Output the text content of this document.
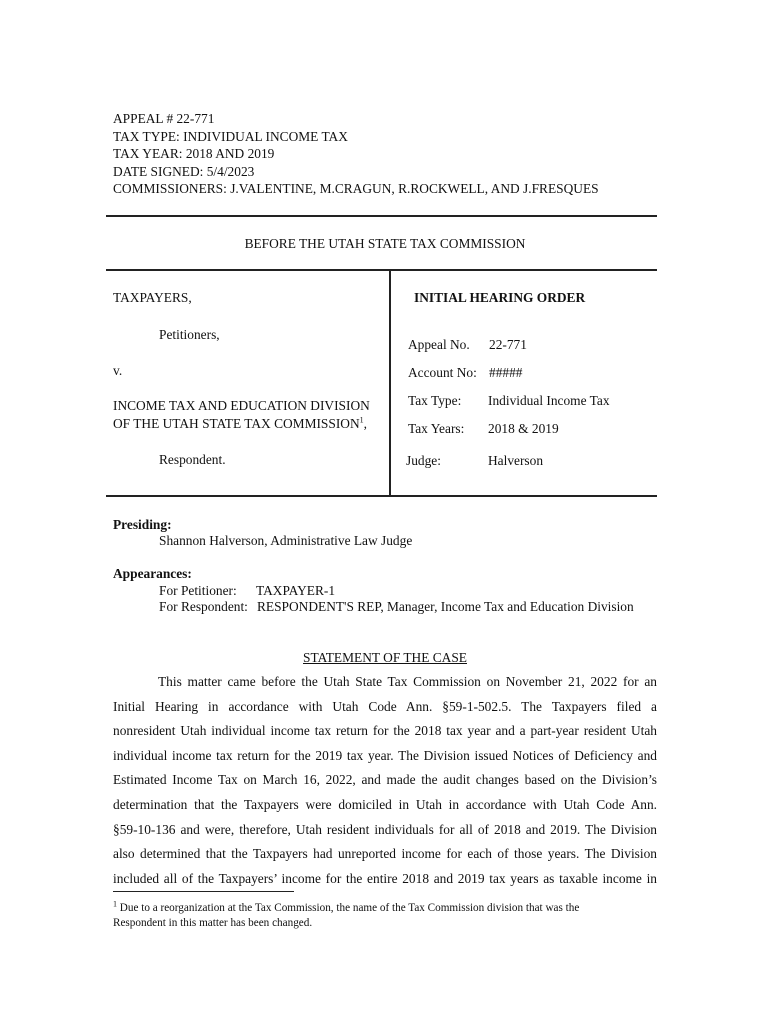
APPEAL # 22-771
TAX TYPE: INDIVIDUAL INCOME TAX
TAX YEAR: 2018 AND 2019
DATE SIGNED: 5/4/2023
COMMISSIONERS: J.VALENTINE, M.CRAGUN, R.ROCKWELL, AND J.FRESQUES
BEFORE THE UTAH STATE TAX COMMISSION
TAXPAYERS,
Petitioners,
v.
INCOME TAX AND EDUCATION DIVISION
OF THE UTAH STATE TAX COMMISSION$^1$,
Respondent.
INITIAL HEARING ORDER
Appeal No. 22-771
Account No: #####
Tax Type: Individual Income Tax
Tax Years: 2018 & 2019
Judge:	Halverson
Presiding:
Shannon Halverson, Administrative Law Judge
Appearances:
For Petitioner: TAXPAYER-1
For Respondent: RESPONDENT'S REP, Manager, Income Tax and Education Division
STATEMENT OF THE CASE
This matter came before the Utah State Tax Commission on November 21, 2022 for an
Initial Hearing in accordance with Utah Code Ann. §59-1-502.5. The Taxpayers filed a
nonresident Utah individual income tax return for the 2018 tax year and a part-year resident Utah
individual income tax return for the 2019 tax year. The Division issued Notices of Deficiency and
Estimated Income Tax on March 16, 2022, and made the audit changes based on the Division’s
determination that the Taxpayers were domiciled in Utah in accordance with Utah Code Ann.
§59-10-136 and were, therefore, Utah resident individuals for all of 2018 and 2019. The Division
also determined that the Taxpayers had unreported income for each of those years. The Division
included all of the Taxpayers’ income for the entire 2018 and 2019 tax years as taxable income in
$^1$ Due to a reorganization at the Tax Commission, the name of the Tax Commission division that was the
Respondent in this matter has been changed.
